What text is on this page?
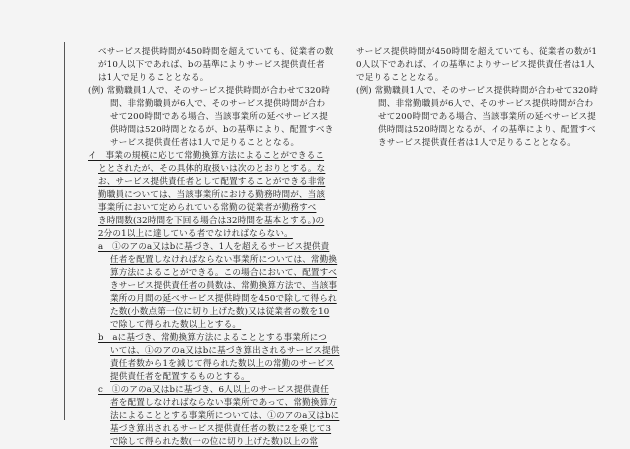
べサービス提供時間が450時間を超えていても、従業者の数
が10人以下であれば、bの基準によりサービス提供責任者
は1人で足りることとなる。
(例) 常勤職員1人で、そのサービス提供時間が合わせて320時
間、非常勤職員が6人で、そのサービス提供時間が合わ
せて200時間である場合、当該事業所の延べサービス提
供時間は520時間となるが、bの基準により、配置すべき
サービス提供責任者は1人で足りることとなる。
イ　事業の規模に応じて常勤換算方法によることができるこ
ととされたが、その具体的取扱いは次のとおりとする。な
お、サービス提供責任者として配置することができる非常
勤職員については、当該事業所における勤務時間が、当該
事業所において定められている常勤の従業者が勤務すべ
き時間数(32時間を下回る場合は32時間を基本とする。)の
2分の1以上に達している者でなければならない。
a　①のアのa又はbに基づき、1人を超えるサービス提供責
任者を配置しなければならない事業所については、常勤換
算方法によることができる。この場合において、配置すべ
きサービス提供責任者の員数は、常勤換算方法で、当該事
業所の月間の延べサービス提供時間を450で除して得られ
た数(小数点第一位に切り上げた数)又は従業者の数を10
で除して得られた数以上とする。
b　aに基づき、常勤換算方法によることとする事業所につ
いては、①のアのa又はbに基づき算出されるサービス提供
責任者数から1を減じて得られた数以上の常勤のサービス
提供責任者を配置するものとする。
c　①のアのa又はbに基づき、6人以上のサービス提供責任
者を配置しなければならない事業所であって、常勤換算方
法によることとする事業所については、①のアのa又はbに
基づき算出されるサービス提供責任者の数に2を乗じて3
で除して得られた数(一の位に切り上げた数)以上の常
サービス提供時間が450時間を超えていても、従業者の数が1
0人以下であれば、イの基準によりサービス提供責任者は1人
で足りることとなる。
(例) 常勤職員1人で、そのサービス提供時間が合わせて320時
間、非常勤職員が6人で、そのサービス提供時間が合わ
せて200時間である場合、当該事業所の延べサービス提
供時間は520時間となるが、イの基準により、配置すべ
きサービス提供責任者は1人で足りることとなる。
